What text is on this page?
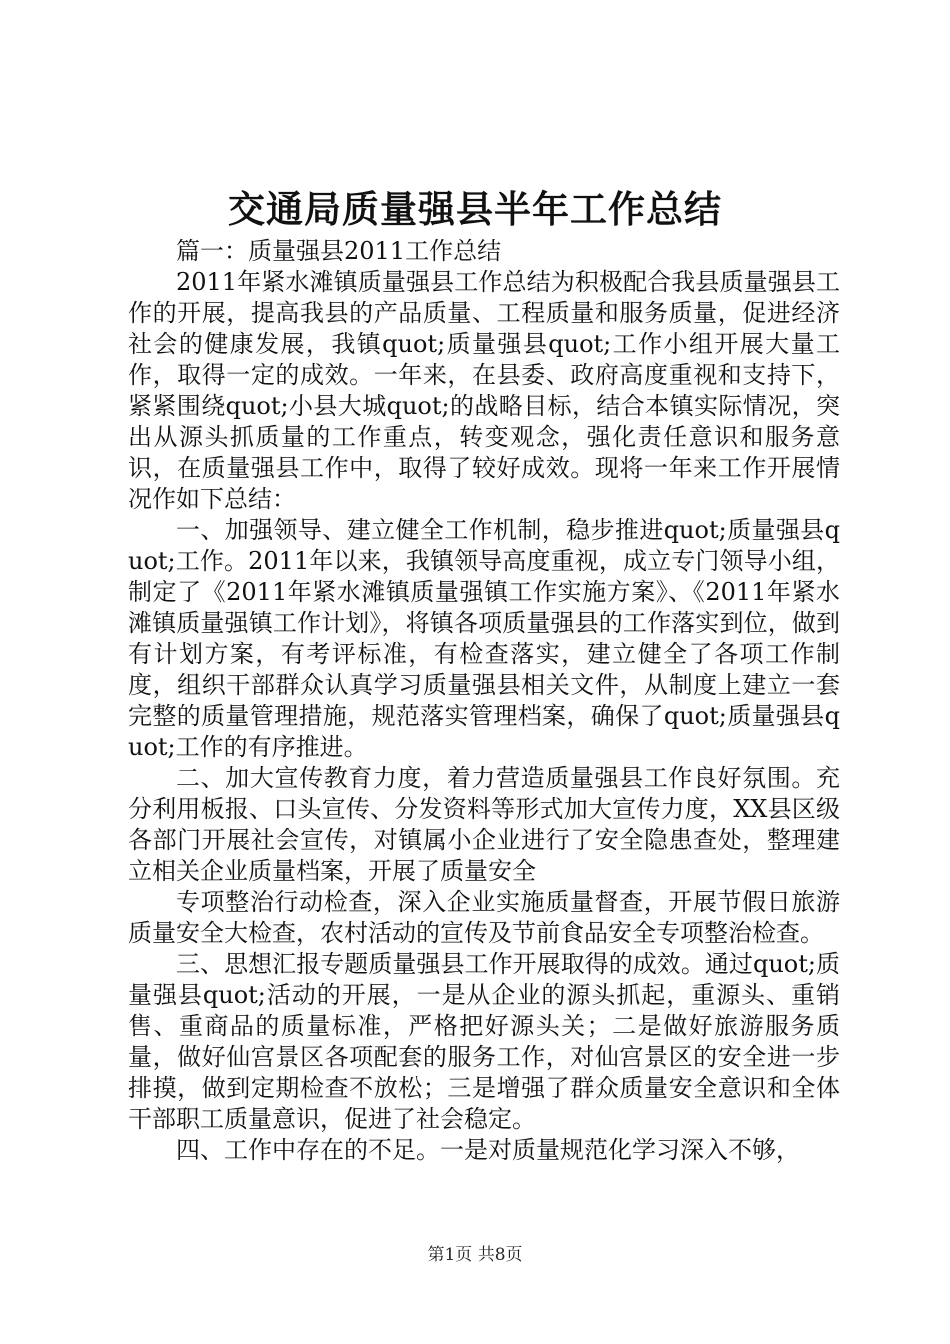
交通局质量强县半年工作总结

篇一：质量强县2011工作总结

2011年紧水滩镇质量强县工作总结为积极配合我县质量强县工作的开展，提高我县的产品质量、工程质量和服务质量，促进经济社会的健康发展，我镇quot;质量强县quot;工作小组开展大量工作，取得一定的成效。一年来，在县委、政府高度重视和支持下，紧紧围绕quot;小县大城quot;的战略目标，结合本镇实际情况，突出从源头抓质量的工作重点，转变观念，强化责任意识和服务意识，在质量强县工作中，取得了较好成效。现将一年来工作开展情况作如下总结：

一、加强领导、建立健全工作机制，稳步推进quot;质量强县quot;工作。2011年以来，我镇领导高度重视，成立专门领导小组，制定了《2011年紧水滩镇质量强镇工作实施方案》、《2011年紧水滩镇质量强镇工作计划》，将镇各项质量强县的工作落实到位，做到有计划方案，有考评标准，有检查落实，建立健全了各项工作制度，组织干部群众认真学习质量强县相关文件，从制度上建立一套完整的质量管理措施，规范落实管理档案，确保了quot;质量强县quot;工作的有序推进。

二、加大宣传教育力度，着力营造质量强县工作良好氛围。充分利用板报、口头宣传、分发资料等形式加大宣传力度，XX县区级各部门开展社会宣传，对镇属小企业进行了安全隐患查处，整理建立相关企业质量档案，开展了质量安全

专项整治行动检查，深入企业实施质量督查，开展节假日旅游质量安全大检查，农村活动的宣传及节前食品安全专项整治检查。

三、思想汇报专题质量强县工作开展取得的成效。通过quot;质量强县quot;活动的开展，一是从企业的源头抓起，重源头、重销售、重商品的质量标准，严格把好源头关；二是做好旅游服务质量，做好仙宫景区各项配套的服务工作，对仙宫景区的安全进一步排摸，做到定期检查不放松；三是增强了群众质量安全意识和全体干部职工质量意识，促进了社会稳定。

四、工作中存在的不足。一是对质量规范化学习深入不够，

第1页 共8页
